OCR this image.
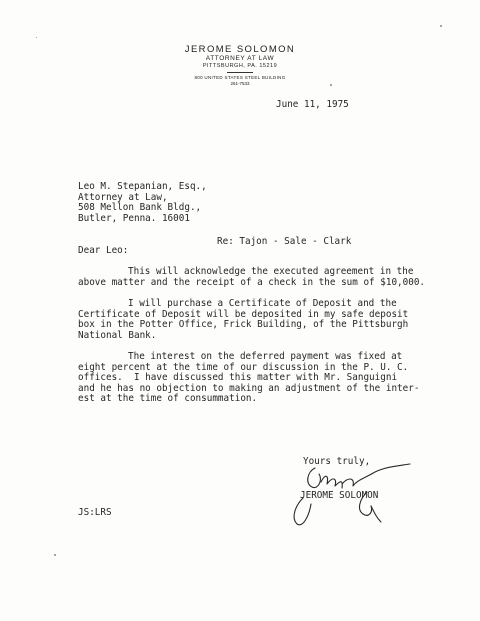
JEROME SOLOMON
ATTORNEY AT LAW
PITTSBURGH, PA. 15219
800 UNITED STATES STEEL BUILDING
261-7533
June 11, 1975
Leo M. Stepanian, Esq.,
Attorney at Law,
508 Mellon Bank Bldg.,
Butler, Penna. 16001
Re: Tajon - Sale - Clark
Dear Leo:
This will acknowledge the executed agreement in the
above matter and the receipt of a check in the sum of $10,000.
I will purchase a Certificate of Deposit and the
Certificate of Deposit will be deposited in my safe deposit
box in the Potter Office, Frick Building, of the Pittsburgh
National Bank.
The interest on the deferred payment was fixed at
eight percent at the time of our discussion in the P. U. C.
offices.  I have discussed this matter with Mr. Sanguigni
and he has no objection to making an adjustment of the inter-
est at the time of consummation.
Yours truly,
JEROME SOLOMON
JS:LRS
